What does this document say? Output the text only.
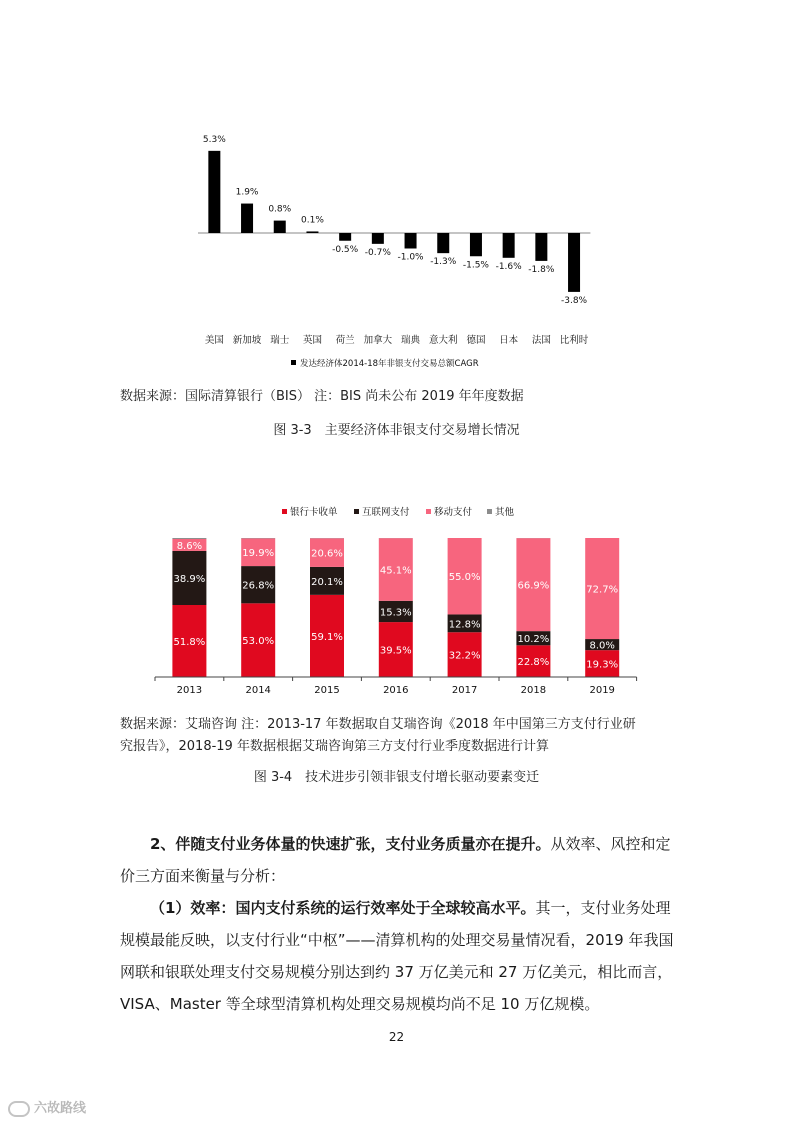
5.3%
美国
1.9%
新加坡
0.8%
瑞士
0.1%
英国
-0.5%
荷兰
-0.7%
加拿大
-1.0%
瑞典
-1.3%
意大利
-1.5%
德国
-1.6%
日本
-1.8%
法国
-3.8%
比利时
发达经济体2014-18年非银支付交易总额CAGR
数据来源：国际清算银行（BIS） 注：BIS 尚未公布 2019 年年度数据
图 3-3　主要经济体非银支付交易增长情况
银行卡收单	互联网支付	移动支付 其他
51.8%
38.9%
8.6%
2013
53.0%
26.8%
19.9%
2014
59.1%
20.1%
20.6%
2015
39.5%
15.3%
45.1%
2016
32.2%
12.8%
55.0%
2017
22.8%
10.2%
66.9%
2018
19.3%
8.0%
72.7%
2019
数据来源：艾瑞咨询 注：2013-17 年数据取自艾瑞咨询《2018 年中国第三方支付行业研
究报告》，2018-19 年数据根据艾瑞咨询第三方支付行业季度数据进行计算
图 3-4　技术进步引领非银支付增长驱动要素变迁
2、伴随支付业务体量的快速扩张，支付业务质量亦在提升。从效率、风控和定价三方面来衡量与分析：
（1）效率：国内支付系统的运行效率处于全球较高水平。其一，支付业务处理规模最能反映，以支付行业“中枢”——清算机构的处理交易量情况看，2019 年我国网联和银联处理支付交易规模分别达到约 37 万亿美元和 27 万亿美元，相比而言，VISA、Master 等全球型清算机构处理交易规模均尚不足 10 万亿规模。
22
六故路线
